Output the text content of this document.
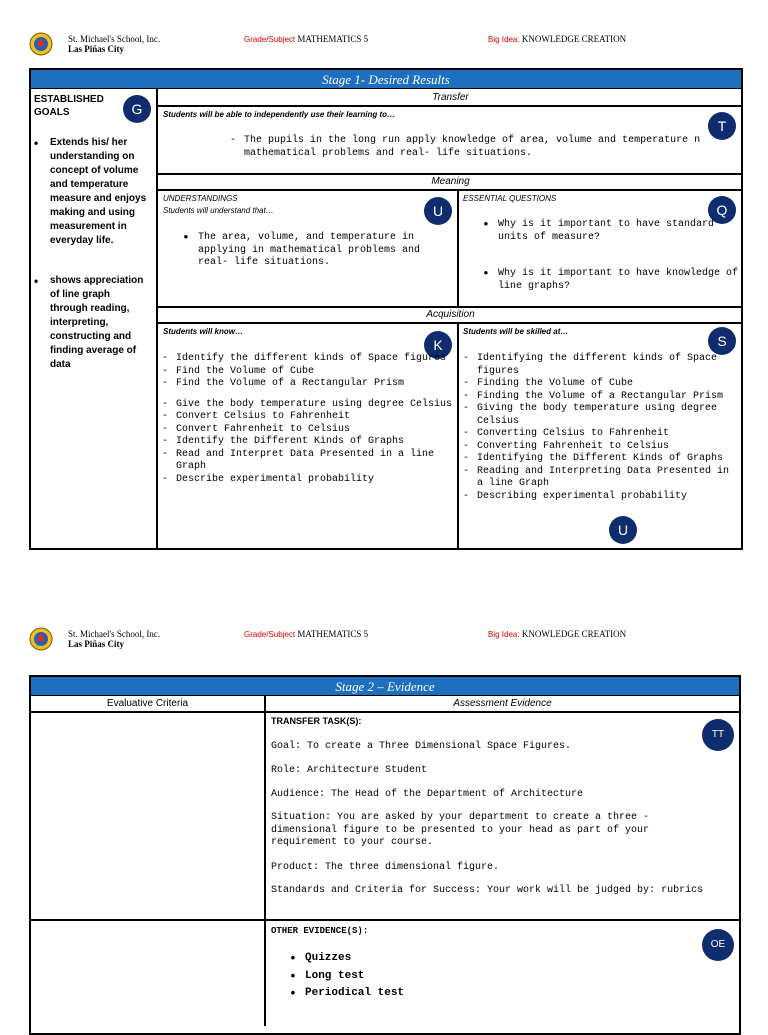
St. Michael's School, Inc.
Las Piñas City
Grade/Subject MATHEMATICS 5	Big Idea: KNOWLEDGE CREATION
Stage 1- Desired Results
ESTABLISHED GOALS	G
• Extends his/ her understanding on concept of volume and temperature measure and enjoys making and using measurement in everyday life.
• shows appreciation of line graph through reading, interpreting, constructing and finding average of data
Transfer
Students will be able to independently use their learning to…
T
- The pupils in the long run apply knowledge of area, volume and temperature n mathematical problems and real- life situations.
Meaning
UNDERSTANDINGS
Students will understand that…	U
• The area, volume, and temperature in applying in mathematical problems and real- life situations.
ESSENTIAL QUESTIONS
Q
• Why is it important to have standard units of measure?
• Why is it important to have knowledge of line graphs?
Acquisition
Students will know…
K
- Identify the different kinds of Space figures
- Find the Volume of Cube
- Find the Volume of a Rectangular Prism
- Give the body temperature using degree Celsius
- Convert Celsius to Fahrenheit
- Convert Fahrenheit to Celsius
- Identify the Different Kinds of Graphs
- Read and Interpret Data Presented in a line Graph
- Describe experimental probability
Students will be skilled at…
S
- Identifying the different kinds of Space figures
- Finding the Volume of Cube
- Finding the Volume of a Rectangular Prism
- Giving the body temperature using degree Celsius
- Converting Celsius to Fahrenheit
- Converting Fahrenheit to Celsius
- Identifying the Different Kinds of Graphs
- Reading and Interpreting Data Presented in a line Graph
- Describing experimental probability
U
St. Michael's School, Inc.
Las Piñas City
Grade/Subject MATHEMATICS 5	Big Idea: KNOWLEDGE CREATION
Stage 2 – Evidence
Evaluative Criteria	Assessment Evidence
TRANSFER TASK(S):
TT
Goal: To create a Three Dimensional Space Figures.
Role: Architecture Student
Audience: The Head of the Department of Architecture
Situation: You are asked by your department to create a three - dimensional figure to be presented to your head as part of your requirement to your course.
Product: The three dimensional figure.
Standards and Criteria for Success: Your work will be judged by: rubrics
OTHER EVIDENCE(S):
OE
• Quizzes
• Long test
• Periodical test
